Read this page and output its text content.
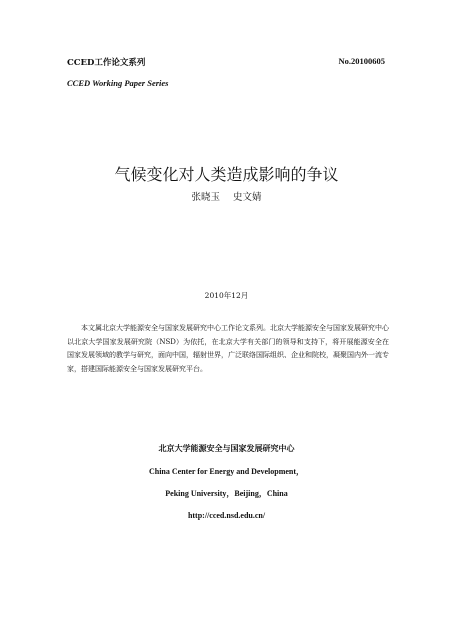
CCED工作论文系列	No.20100605
CCED Working Paper Series
气候变化对人类造成影响的争议
张晓玉 史文婧
2010年12月

本文属北京大学能源安全与国家发展研究中心工作论文系列。北京大学能源安全与国家发展研究中心以北京大学国家发展研究院（NSD）为依托，在北京大学有关部门的领导和支持下，将开展能源安全在国家发展领域的教学与研究，面向中国，辐射世界，广泛联络国际组织、企业和院校，凝聚国内外一流专家，搭建国际能源安全与国家发展研究平台。

北京大学能源安全与国家发展研究中心
China Center for Energy and Development，
Peking University，Beijing，China
http://cced.nsd.edu.cn/
